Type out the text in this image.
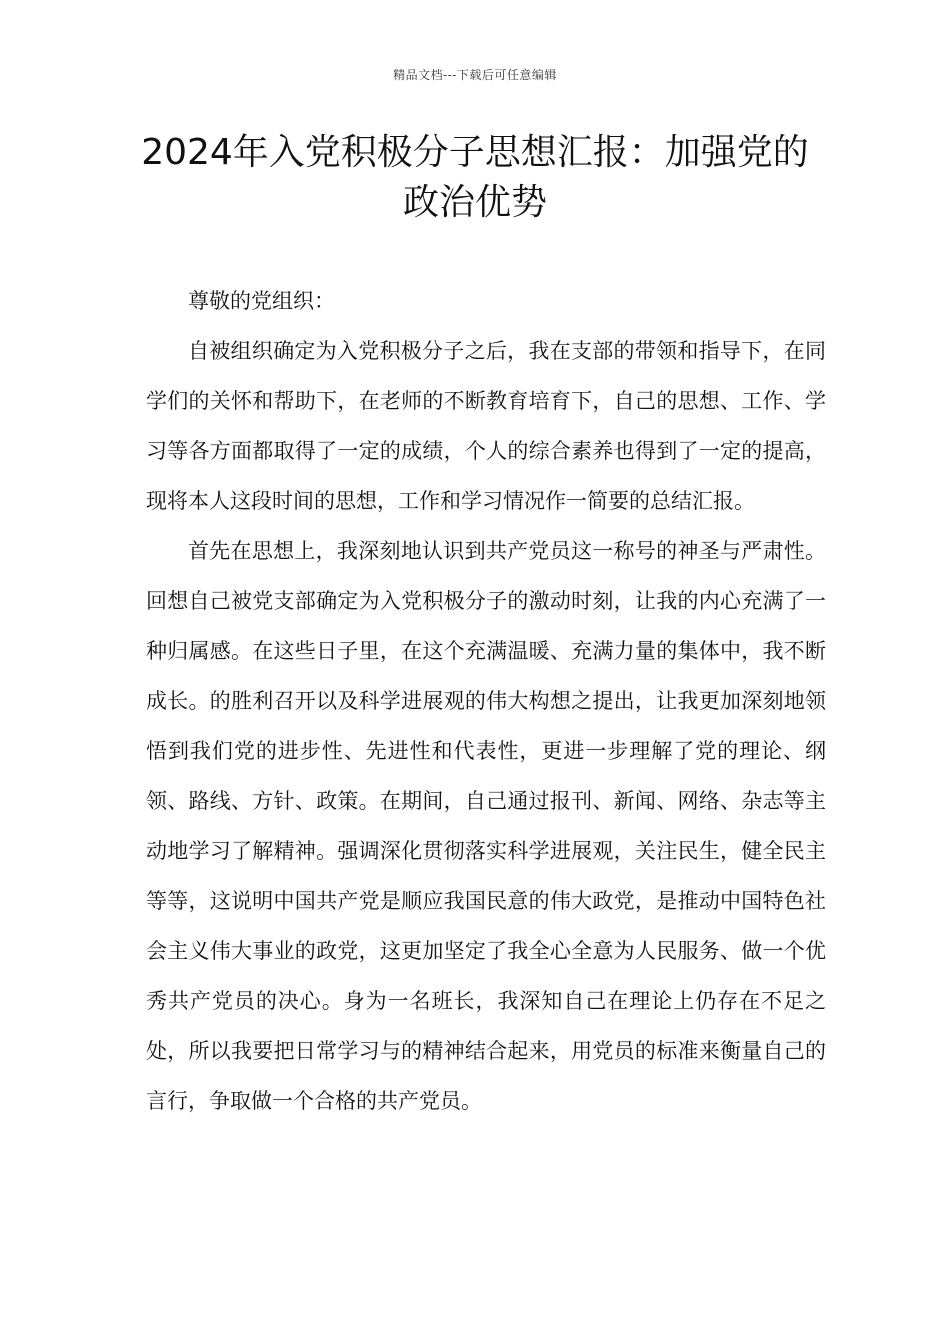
精品文档---下载后可任意编辑
2024年入党积极分子思想汇报：加强党的政治优势

尊敬的党组织：

自被组织确定为入党积极分子之后，我在支部的带领和指导下，在同学们的关怀和帮助下，在老师的不断教育培育下，自己的思想、工作、学习等各方面都取得了一定的成绩，个人的综合素养也得到了一定的提高，现将本人这段时间的思想，工作和学习情况作一简要的总结汇报。

首先在思想上，我深刻地认识到共产党员这一称号的神圣与严肃性。回想自己被党支部确定为入党积极分子的激动时刻，让我的内心充满了一种归属感。在这些日子里，在这个充满温暖、充满力量的集体中，我不断成长。的胜利召开以及科学进展观的伟大构想之提出，让我更加深刻地领悟到我们党的进步性、先进性和代表性，更进一步理解了党的理论、纲领、路线、方针、政策。在期间，自己通过报刊、新闻、网络、杂志等主动地学习了解精神。强调深化贯彻落实科学进展观，关注民生，健全民主等等，这说明中国共产党是顺应我国民意的伟大政党，是推动中国特色社会主义伟大事业的政党，这更加坚定了我全心全意为人民服务、做一个优秀共产党员的决心。身为一名班长，我深知自己在理论上仍存在不足之处，所以我要把日常学习与的精神结合起来，用党员的标准来衡量自己的言行，争取做一个合格的共产党员。
